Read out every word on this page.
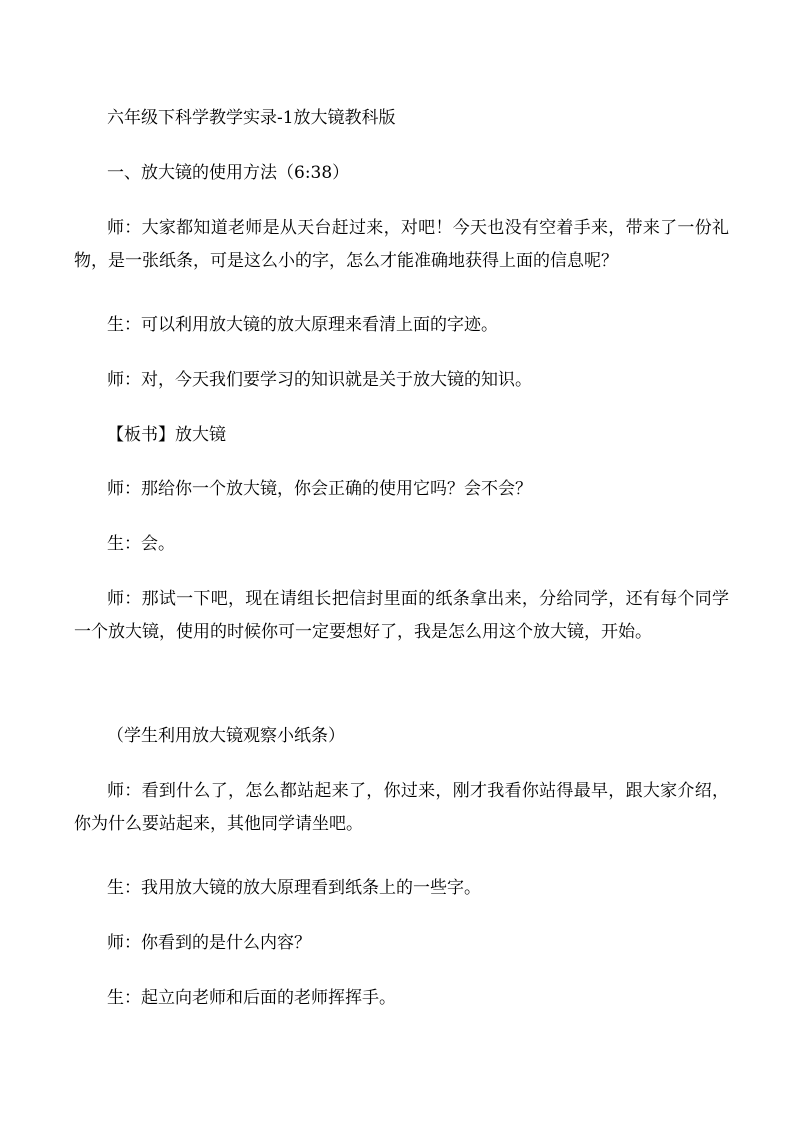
六年级下科学教学实录-1放大镜教科版

一、放大镜的使用方法（6:38）

师：大家都知道老师是从天台赶过来，对吧！今天也没有空着手来，带来了一份礼物，是一张纸条，可是这么小的字，怎么才能准确地获得上面的信息呢？

生：可以利用放大镜的放大原理来看清上面的字迹。

师：对，今天我们要学习的知识就是关于放大镜的知识。

【板书】放大镜

师：那给你一个放大镜，你会正确的使用它吗？会不会？

生：会。

师：那试一下吧，现在请组长把信封里面的纸条拿出来，分给同学，还有每个同学一个放大镜，使用的时候你可一定要想好了，我是怎么用这个放大镜，开始。

（学生利用放大镜观察小纸条）

师：看到什么了，怎么都站起来了，你过来，刚才我看你站得最早，跟大家介绍，你为什么要站起来，其他同学请坐吧。

生：我用放大镜的放大原理看到纸条上的一些字。

师：你看到的是什么内容？

生：起立向老师和后面的老师挥挥手。
